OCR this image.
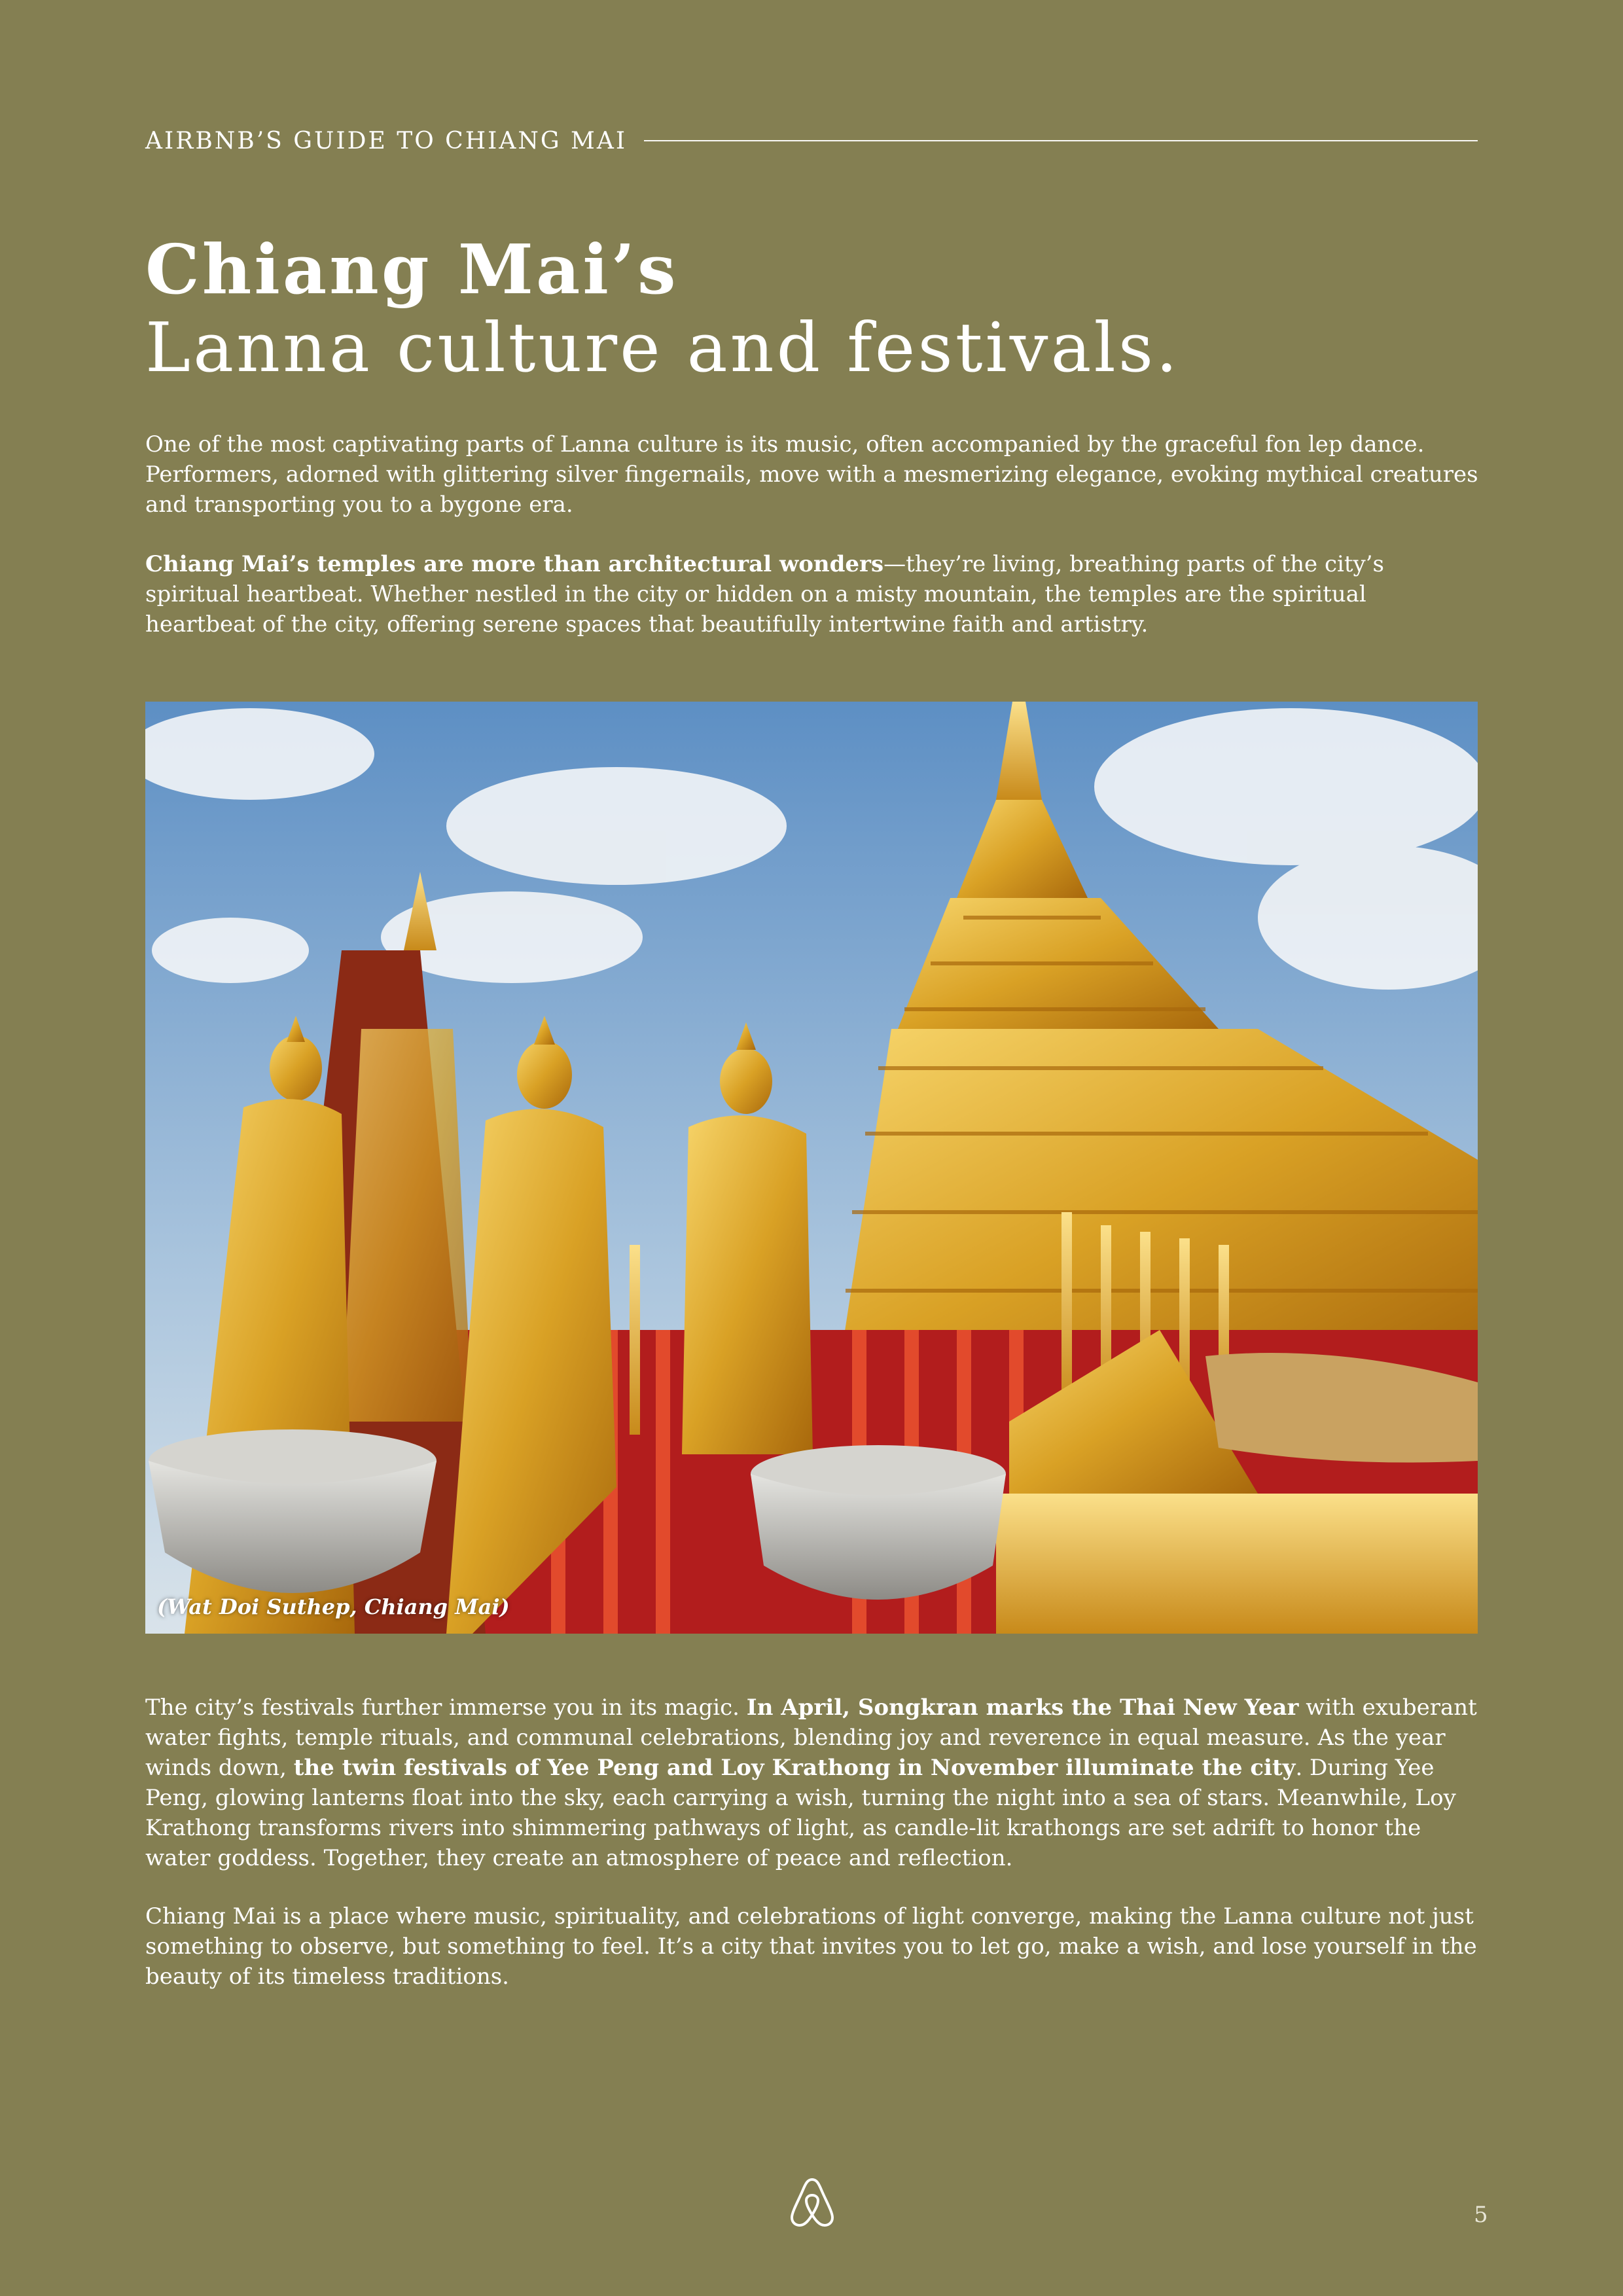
AIRBNB’S GUIDE TO CHIANG MAI
Chiang Mai’s
Lanna culture and festivals.

One of the most captivating parts of Lanna culture is its music, often accompanied by the graceful fon lep dance. Performers, adorned with glittering silver fingernails, move with a mesmerizing elegance, evoking mythical creatures and transporting you to a bygone era.

Chiang Mai’s temples are more than architectural wonders—they’re living, breathing parts of the city’s spiritual heartbeat. Whether nestled in the city or hidden on a misty mountain, the temples are the spiritual heartbeat of the city, offering serene spaces that beautifully intertwine faith and artistry.

(Wat Doi Suthep, Chiang Mai)

The city’s festivals further immerse you in its magic. In April, Songkran marks the Thai New Year with exuberant water fights, temple rituals, and communal celebrations, blending joy and reverence in equal measure. As the year winds down, the twin festivals of Yee Peng and Loy Krathong in November illuminate the city. During Yee Peng, glowing lanterns float into the sky, each carrying a wish, turning the night into a sea of stars. Meanwhile, Loy Krathong transforms rivers into shimmering pathways of light, as candle-lit krathongs are set adrift to honor the water goddess. Together, they create an atmosphere of peace and reflection.

Chiang Mai is a place where music, spirituality, and celebrations of light converge, making the Lanna culture not just something to observe, but something to feel. It’s a city that invites you to let go, make a wish, and lose yourself in the beauty of its timeless traditions.

5
